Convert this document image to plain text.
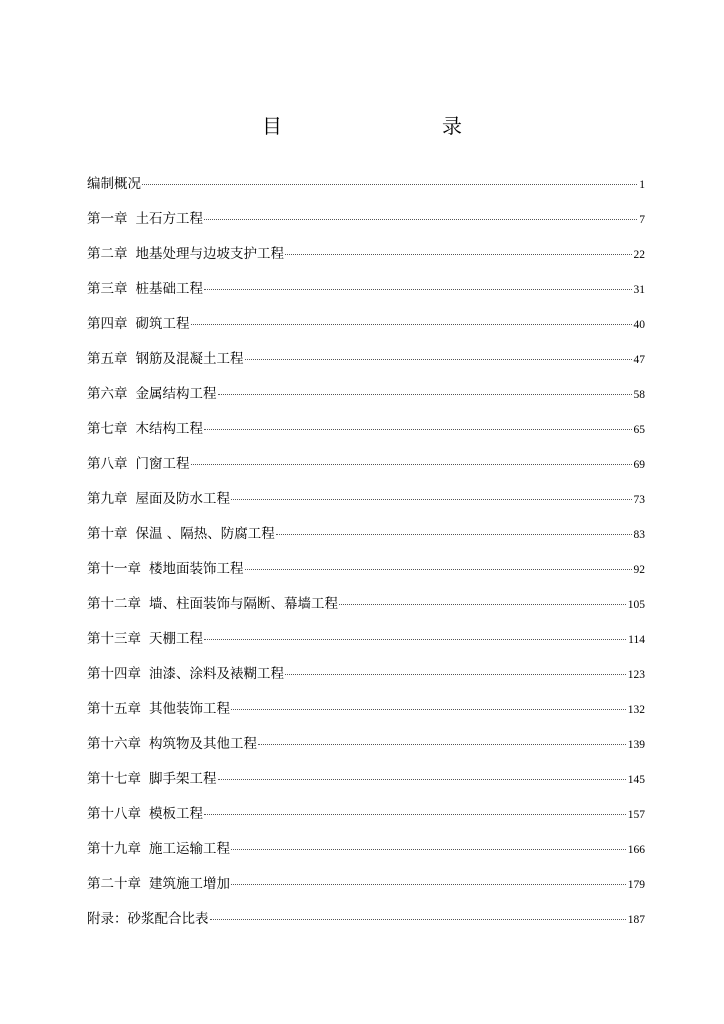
目　　录
编制概况	1
第一章 土石方工程	7
第二章 地基处理与边坡支护工程	22
第三章 桩基础工程	31
第四章 砌筑工程	40
第五章 钢筋及混凝土工程	47
第六章 金属结构工程	58
第七章 木结构工程	65
第八章 门窗工程	69
第九章 屋面及防水工程	73
第十章 保温 、隔热、防腐工程	83
第十一章 楼地面装饰工程	92
第十二章 墙、柱面装饰与隔断、幕墙工程	105
第十三章 天棚工程	114
第十四章 油漆、涂料及裱糊工程	123
第十五章 其他装饰工程	132
第十六章 构筑物及其他工程	139
第十七章 脚手架工程	145
第十八章 模板工程	157
第十九章 施工运输工程	166
第二十章 建筑施工增加	179
附录：砂浆配合比表	187
